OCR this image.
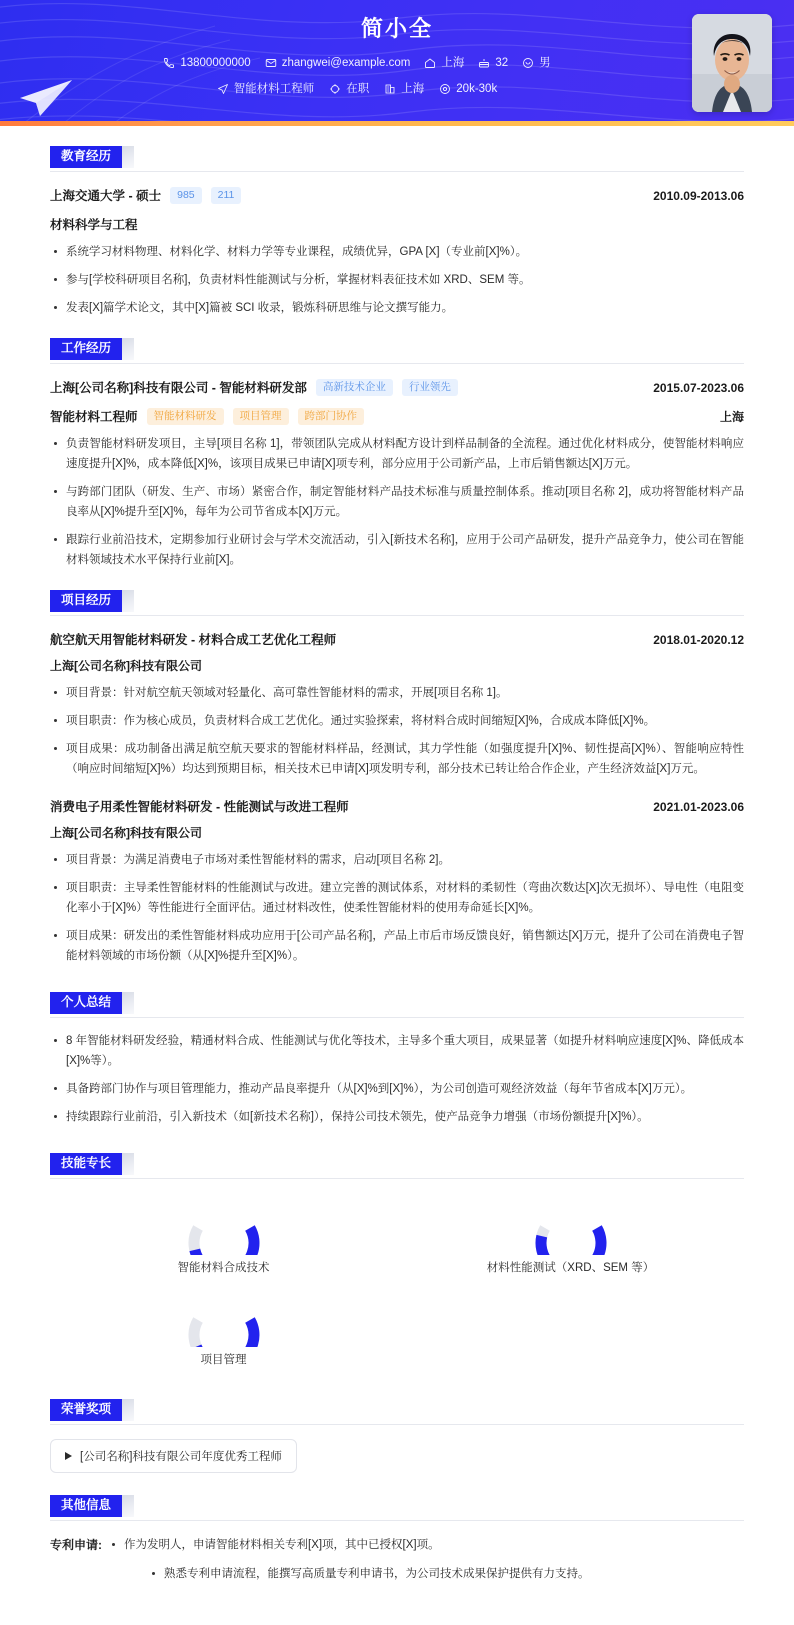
简小全
13800000000	zhangwei@example.com	上海	32	男
智能材料工程师	在职	上海	20k-30k
教育经历
上海交通大学 - 硕士	985	211	2010.09-2013.06
材料科学与工程
系统学习材料物理、材料化学、材料力学等专业课程，成绩优异，GPA [X]（专业前[X]%）。
参与[学校科研项目名称]，负责材料性能测试与分析，掌握材料表征技术如 XRD、SEM 等。
发表[X]篇学术论文，其中[X]篇被 SCI 收录，锻炼科研思维与论文撰写能力。
工作经历
上海[公司名称]科技有限公司 - 智能材料研发部	高新技术企业	行业领先	2015.07-2023.06
智能材料工程师	智能材料研发	项目管理	跨部门协作	上海
负责智能材料研发项目，主导[项目名称 1]，带领团队完成从材料配方设计到样品制备的全流程。通过优化材料成分，使智能材料响应速度提升[X]%，成本降低[X]%，该项目成果已申请[X]项专利，部分应用于公司新产品，上市后销售额达[X]万元。
与跨部门团队（研发、生产、市场）紧密合作，制定智能材料产品技术标准与质量控制体系。推动[项目名称 2]，成功将智能材料产品良率从[X]%提升至[X]%，每年为公司节省成本[X]万元。
跟踪行业前沿技术，定期参加行业研讨会与学术交流活动，引入[新技术名称]，应用于公司产品研发，提升产品竞争力，使公司在智能材料领域技术水平保持行业前[X]。
项目经历
航空航天用智能材料研发 - 材料合成工艺优化工程师	2018.01-2020.12
上海[公司名称]科技有限公司
项目背景：针对航空航天领域对轻量化、高可靠性智能材料的需求，开展[项目名称 1]。
项目职责：作为核心成员，负责材料合成工艺优化。通过实验探索，将材料合成时间缩短[X]%，合成成本降低[X]%。
项目成果：成功制备出满足航空航天要求的智能材料样品，经测试，其力学性能（如强度提升[X]%、韧性提高[X]%）、智能响应特性（响应时间缩短[X]%）均达到预期目标，相关技术已申请[X]项发明专利，部分技术已转让给合作企业，产生经济效益[X]万元。
消费电子用柔性智能材料研发 - 性能测试与改进工程师	2021.01-2023.06
上海[公司名称]科技有限公司
项目背景：为满足消费电子市场对柔性智能材料的需求，启动[项目名称 2]。
项目职责：主导柔性智能材料的性能测试与改进。建立完善的测试体系，对材料的柔韧性（弯曲次数达[X]次无损坏）、导电性（电阻变化率小于[X]%）等性能进行全面评估。通过材料改性，使柔性智能材料的使用寿命延长[X]%。
项目成果：研发出的柔性智能材料成功应用于[公司产品名称]，产品上市后市场反馈良好，销售额达[X]万元，提升了公司在消费电子智能材料领域的市场份额（从[X]%提升至[X]%）。
个人总结
8 年智能材料研发经验，精通材料合成、性能测试与优化等技术，主导多个重大项目，成果显著（如提升材料响应速度[X]%、降低成本[X]%等）。
具备跨部门协作与项目管理能力，推动产品良率提升（从[X]%到[X]%），为公司创造可观经济效益（每年节省成本[X]万元）。
持续跟踪行业前沿，引入新技术（如[新技术名称]），保持公司技术领先，使产品竞争力增强（市场份额提升[X]%）。
技能专长
智能材料合成技术	材料性能测试（XRD、SEM 等）
项目管理
荣誉奖项
[公司名称]科技有限公司年度优秀工程师
其他信息
专利申请:	作为发明人，申请智能材料相关专利[X]项，其中已授权[X]项。
熟悉专利申请流程，能撰写高质量专利申请书，为公司技术成果保护提供有力支持。
